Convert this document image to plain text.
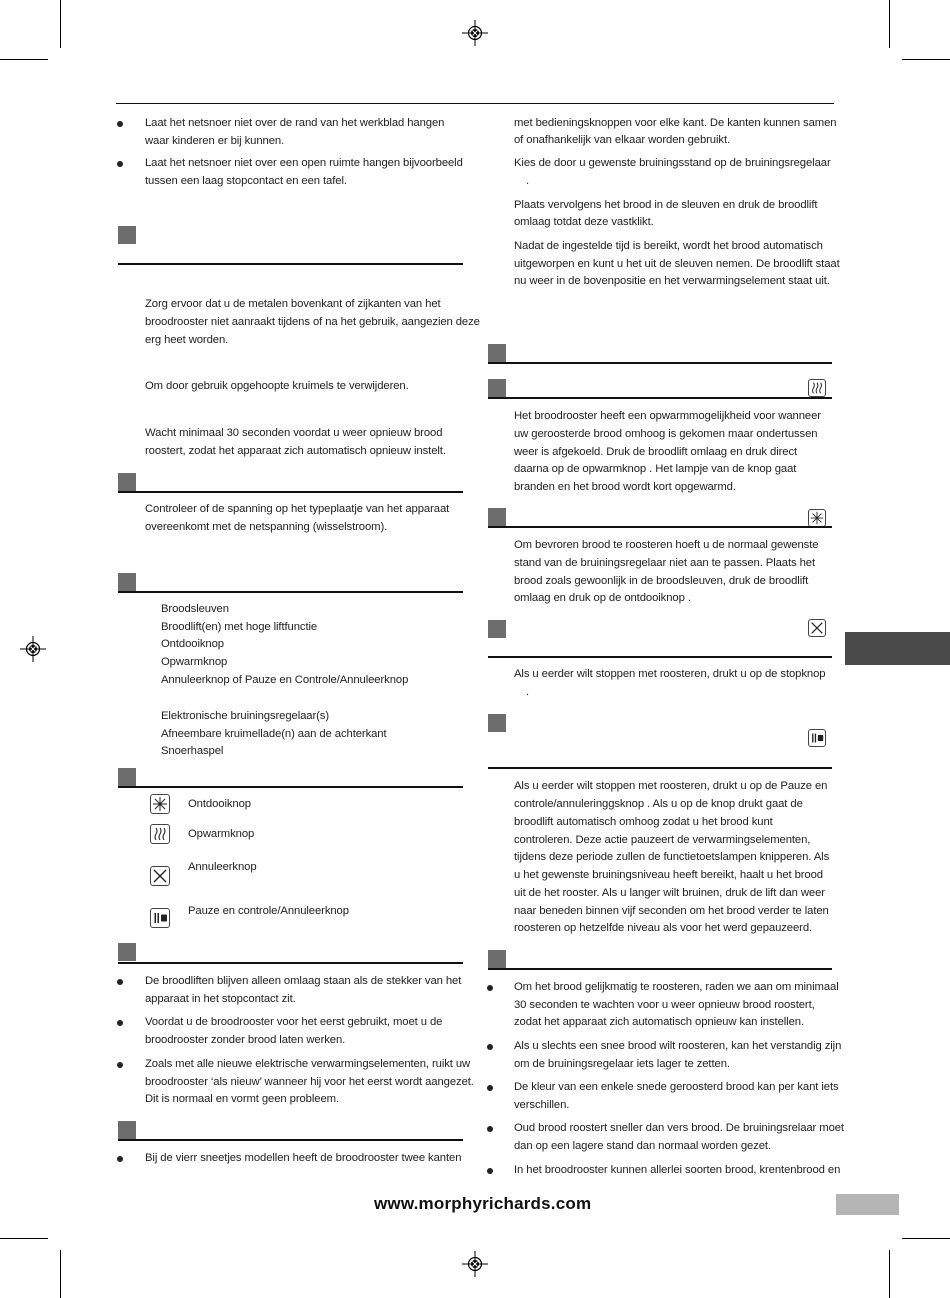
Laat het netsnoer niet over de rand van het werkblad hangen waar kinderen er bij kunnen.
Laat het netsnoer niet over een open ruimte hangen bijvoorbeeld tussen een laag stopcontact en een tafel.
Zorg ervoor dat u de metalen bovenkant of zijkanten van het
broodrooster niet aanraakt tijdens of na het gebruik, aangezien deze
erg heet worden.
Om door gebruik opgehoopte kruimels te verwijderen.
Wacht minimaal 30 seconden voordat u weer opnieuw brood
roostert, zodat het apparaat zich automatisch opnieuw instelt.
Controleer of de spanning op het typeplaatje van het apparaat
overeenkomt met de netspanning (wisselstroom).
Broodsleuven
Broodlift(en) met hoge liftfunctie
Ontdooiknop
Opwarmknop
Annuleerknop of Pauze en Controle/Annuleerknop
Elektronische bruiningsregelaar(s)
Afneembare kruimellade(n) aan de achterkant
Snoerhaspel
Ontdooiknop
Opwarmknop
Annuleerknop
Pauze en controle/Annuleerknop
De broodliften blijven alleen omlaag staan als de stekker van het
apparaat in het stopcontact zit.
Voordat u de broodrooster voor het eerst gebruikt, moet u de
broodrooster zonder brood laten werken.
Zoals met alle nieuwe elektrische verwarmingselementen, ruikt uw
broodrooster ‘als nieuw’ wanneer hij voor het eerst wordt aangezet.
Dit is normaal en vormt geen probleem.
Bij de vierr sneetjes modellen heeft de broodrooster twee kanten
met bedieningsknoppen voor elke kant. De kanten kunnen samen
of onafhankelijk van elkaar worden gebruikt.
Kies de door u gewenste bruiningsstand op de bruiningsregelaar
.
Plaats vervolgens het brood in de sleuven en druk de broodlift
omlaag totdat deze vastklikt.
Nadat de ingestelde tijd is bereikt, wordt het brood automatisch
uitgeworpen en kunt u het uit de sleuven nemen. De broodlift staat
nu weer in de bovenpositie en het verwarmingselement staat uit.
Het broodrooster heeft een opwarmmogelijkheid voor wanneer
uw geroosterde brood omhoog is gekomen maar ondertussen
weer is afgekoeld. Druk de broodlift omlaag en druk direct
daarna op de opwarmknop . Het lampje van de knop gaat
branden en het brood wordt kort opgewarmd.
Om bevroren brood te roosteren hoeft u de normaal gewenste
stand van de bruiningsregelaar niet aan te passen. Plaats het
brood zoals gewoonlijk in de broodsleuven, druk de broodlift
omlaag en druk op de ontdooiknop .
Als u eerder wilt stoppen met roosteren, drukt u op de stopknop
.
Als u eerder wilt stoppen met roosteren, drukt u op de Pauze en
controle/annuleringgsknop . Als u op de knop drukt gaat de
broodlift automatisch omhoog zodat u het brood kunt
controleren. Deze actie pauzeert de verwarmingselementen,
tijdens deze periode zullen de functietoetslampen knipperen. Als
u het gewenste bruiningsniveau heeft bereikt, haalt u het brood
uit de het rooster. Als u langer wilt bruinen, druk de lift dan weer
naar beneden binnen vijf seconden om het brood verder te laten
roosteren op hetzelfde niveau als voor het werd gepauzeerd.
Om het brood gelijkmatig te roosteren, raden we aan om minimaal
30 seconden te wachten voor u weer opnieuw brood roostert,
zodat het apparaat zich automatisch opnieuw kan instellen.
Als u slechts een snee brood wilt roosteren, kan het verstandig zijn
om de bruiningsregelaar iets lager te zetten.
De kleur van een enkele snede geroosterd brood kan per kant iets
verschillen.
Oud brood roostert sneller dan vers brood. De bruiningsrelaar moet
dan op een lagere stand dan normaal worden gezet.
In het broodrooster kunnen allerlei soorten brood, krentenbrood en
www.morphyrichards.com
